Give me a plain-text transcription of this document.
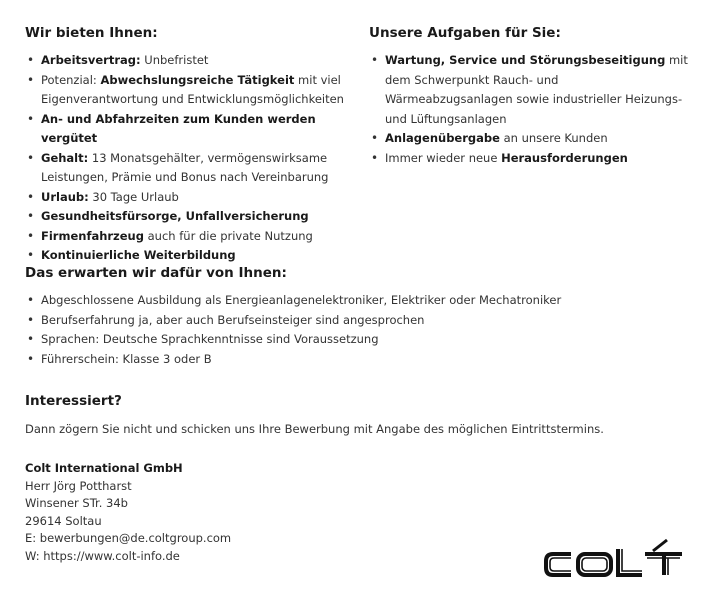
Wir bieten Ihnen:
• Arbeitsvertrag: Unbefristet
• Potenzial: Abwechslungsreiche Tätigkeit mit viel Eigenverantwortung und Entwicklungsmöglichkeiten
• An- und Abfahrzeiten zum Kunden werden vergütet
• Gehalt: 13 Monatsgehälter, vermögenswirksame Leistungen, Prämie und Bonus nach Vereinbarung
• Urlaub: 30 Tage Urlaub
• Gesundheitsfürsorge, Unfallversicherung
• Firmenfahrzeug auch für die private Nutzung
• Kontinuierliche Weiterbildung
Unsere Aufgaben für Sie:
• Wartung, Service und Störungsbeseitigung mit dem Schwerpunkt Rauch- und Wärmeabzugsanlagen sowie industrieller Heizungs- und Lüftungsanlagen
• Anlagenübergabe an unsere Kunden
• Immer wieder neue Herausforderungen
Das erwarten wir dafür von Ihnen:
• Abgeschlossene Ausbildung als Energieanlagenelektroniker, Elektriker oder Mechatroniker
• Berufserfahrung ja, aber auch Berufseinsteiger sind angesprochen
• Sprachen: Deutsche Sprachkenntnisse sind Voraussetzung
• Führerschein: Klasse 3 oder B
Interessiert?

Dann zögern Sie nicht und schicken uns Ihre Bewerbung mit Angabe des möglichen Eintrittstermins.

Colt International GmbH
Herr Jörg Pottharst
Winsener STr. 34b
29614 Soltau
E: bewerbungen@de.coltgroup.com
W: https://www.colt-info.de
